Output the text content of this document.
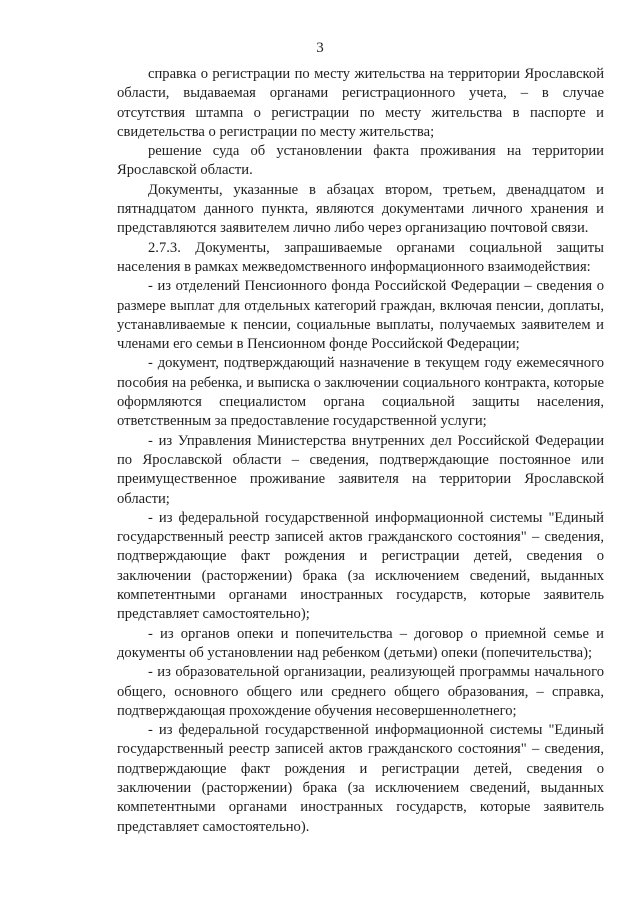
3

справка о регистрации по месту жительства на территории Ярославской области, выдаваемая органами регистрационного учета, – в случае отсутствия штампа о регистрации по месту жительства в паспорте и свидетельства о регистрации по месту жительства;

решение суда об установлении факта проживания на территории Ярославской области.

Документы, указанные в абзацах втором, третьем, двенадцатом и пятнадцатом данного пункта, являются документами личного хранения и представляются заявителем лично либо через организацию почтовой связи.

2.7.3. Документы, запрашиваемые органами социальной защиты населения в рамках межведомственного информационного взаимодействия:

- из отделений Пенсионного фонда Российской Федерации – сведения о размере выплат для отдельных категорий граждан, включая пенсии, доплаты, устанавливаемые к пенсии, социальные выплаты, получаемых заявителем и членами его семьи в Пенсионном фонде Российской Федерации;

- документ, подтверждающий назначение в текущем году ежемесячного пособия на ребенка, и выписка о заключении социального контракта, которые оформляются специалистом органа социальной защиты населения, ответственным за предоставление государственной услуги;

- из Управления Министерства внутренних дел Российской Федерации по Ярославской области – сведения, подтверждающие постоянное или преимущественное проживание заявителя на территории Ярославской области;

- из федеральной государственной информационной системы "Единый государственный реестр записей актов гражданского состояния" – сведения, подтверждающие факт рождения и регистрации детей, сведения о заключении (расторжении) брака (за исключением сведений, выданных компетентными органами иностранных государств, которые заявитель представляет самостоятельно);

- из органов опеки и попечительства – договор о приемной семье и документы об установлении над ребенком (детьми) опеки (попечительства);

- из образовательной организации, реализующей программы начального общего, основного общего или среднего общего образования, – справка, подтверждающая прохождение обучения несовершеннолетнего;

- из федеральной государственной информационной системы "Единый государственный реестр записей актов гражданского состояния" – сведения, подтверждающие факт рождения и регистрации детей, сведения о заключении (расторжении) брака (за исключением сведений, выданных компетентными органами иностранных государств, которые заявитель представляет самостоятельно).
